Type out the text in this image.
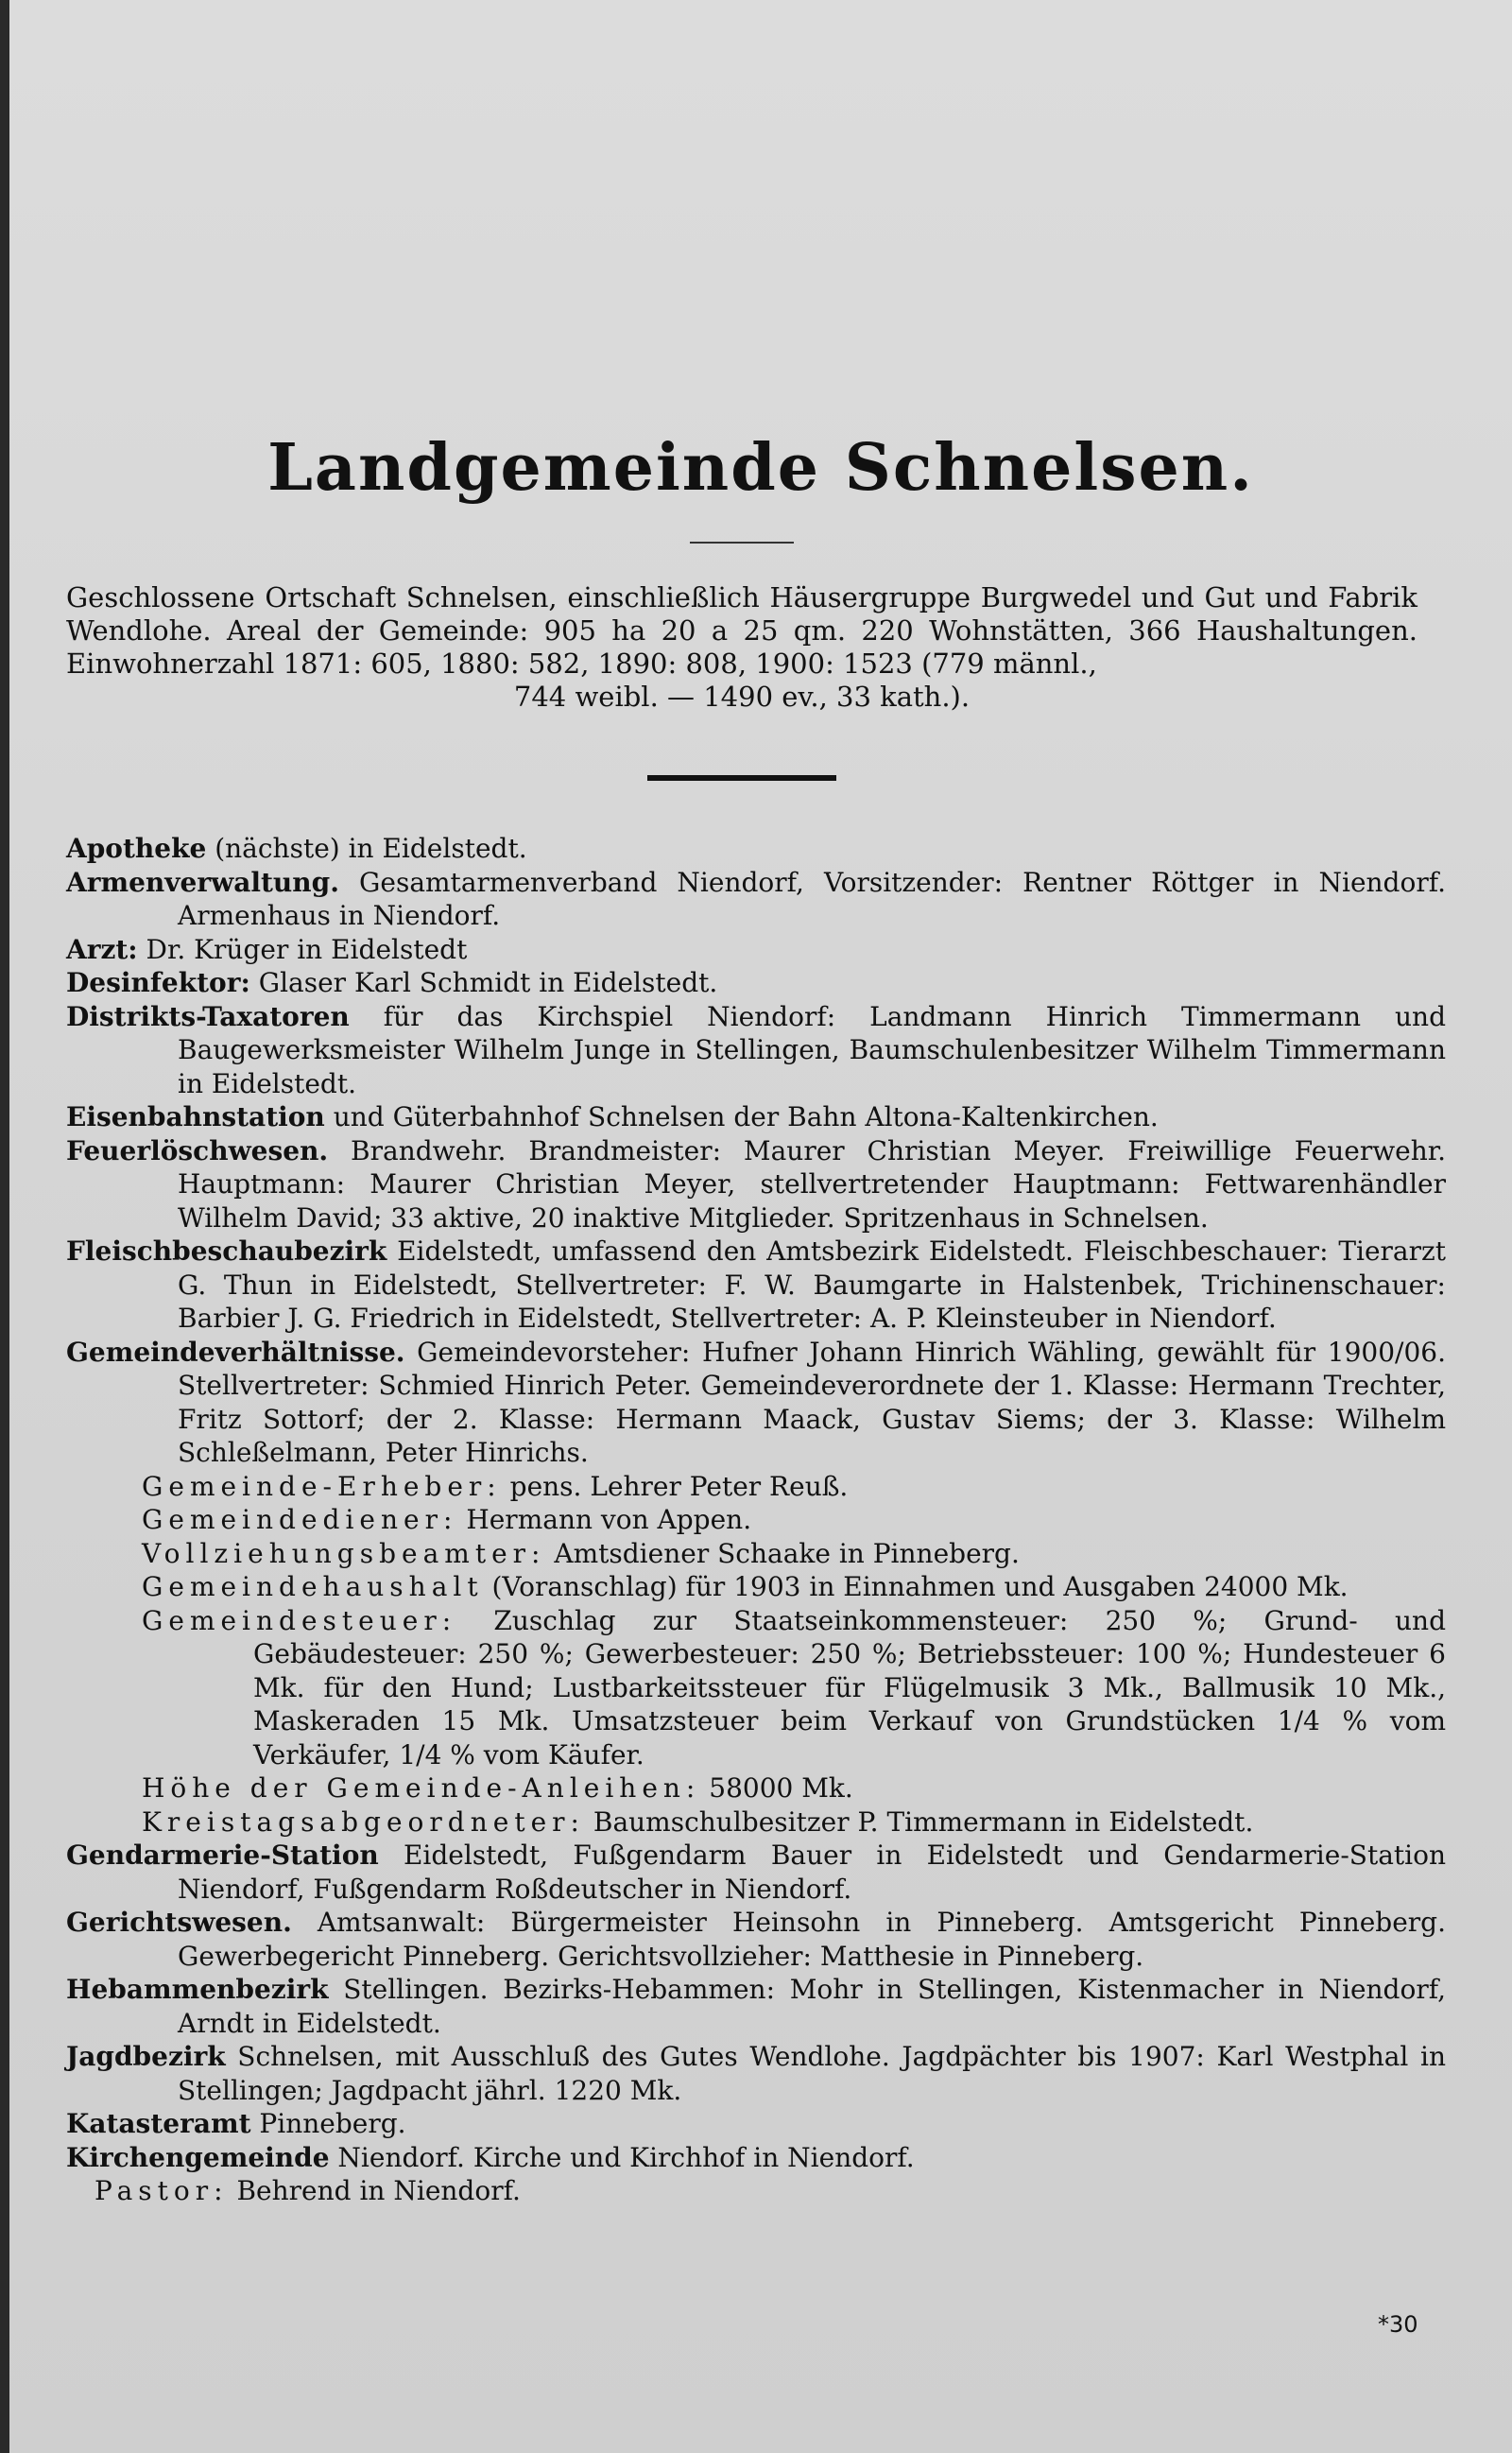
Landgemeinde Schnelsen.
Geschlossene Ortschaft Schnelsen, einschließlich Häusergruppe Burgwedel und Gut und Fabrik Wendlohe. Areal der Gemeinde: 905 ha 20 a 25 qm. 220 Wohnstätten, 366 Haushaltungen. Einwohnerzahl 1871: 605, 1880: 582, 1890: 808, 1900: 1523 (779 männl.,
744 weibl. — 1490 ev., 33 kath.).
Apotheke (nächste) in Eidelstedt.
Armenverwaltung. Gesamtarmenverband Niendorf, Vorsitzender: Rentner Röttger in Niendorf. Armenhaus in Niendorf.
Arzt: Dr. Krüger in Eidelstedt
Desinfektor: Glaser Karl Schmidt in Eidelstedt.
Distrikts-Taxatoren für das Kirchspiel Niendorf: Landmann Hinrich Timmermann und Baugewerksmeister Wilhelm Junge in Stellingen, Baumschulenbesitzer Wilhelm Timmermann in Eidelstedt.
Eisenbahnstation und Güterbahnhof Schnelsen der Bahn Altona-Kaltenkirchen.
Feuerlöschwesen. Brandwehr. Brandmeister: Maurer Christian Meyer. Freiwillige Feuerwehr. Hauptmann: Maurer Christian Meyer, stellvertretender Hauptmann: Fettwarenhändler Wilhelm David; 33 aktive, 20 inaktive Mitglieder. Spritzenhaus in Schnelsen.
Fleischbeschaubezirk Eidelstedt, umfassend den Amtsbezirk Eidelstedt. Fleischbeschauer: Tierarzt G. Thun in Eidelstedt, Stellvertreter: F. W. Baumgarte in Halstenbek, Trichinenschauer: Barbier J. G. Friedrich in Eidelstedt, Stellvertreter: A. P. Kleinsteuber in Niendorf.
Gemeindeverhältnisse. Gemeindevorsteher: Hufner Johann Hinrich Wähling, gewählt für 1900/06. Stellvertreter: Schmied Hinrich Peter. Gemeindeverordnete der 1. Klasse: Hermann Trechter, Fritz Sottorf; der 2. Klasse: Hermann Maack, Gustav Siems; der 3. Klasse: Wilhelm Schleßelmann, Peter Hinrichs.
Gemeinde-Erheber: pens. Lehrer Peter Reuß.
Gemeindediener: Hermann von Appen.
Vollziehungsbeamter: Amtsdiener Schaake in Pinneberg.
Gemeindehaushalt (Voranschlag) für 1903 in Einnahmen und Ausgaben 24000 Mk.
Gemeindesteuer: Zuschlag zur Staatseinkommensteuer: 250 %; Grund- und Gebäudesteuer: 250 %; Gewerbesteuer: 250 %; Betriebssteuer: 100 %; Hundesteuer 6 Mk. für den Hund; Lustbarkeitssteuer für Flügelmusik 3 Mk., Ballmusik 10 Mk., Maskeraden 15 Mk. Umsatzsteuer beim Verkauf von Grundstücken 1/4 % vom Verkäufer, 1/4 % vom Käufer.
Höhe der Gemeinde-Anleihen: 58000 Mk.
Kreistagsabgeordneter: Baumschulbesitzer P. Timmermann in Eidelstedt.
Gendarmerie-Station Eidelstedt, Fußgendarm Bauer in Eidelstedt und Gendarmerie-Station Niendorf, Fußgendarm Roßdeutscher in Niendorf.
Gerichtswesen. Amtsanwalt: Bürgermeister Heinsohn in Pinneberg. Amtsgericht Pinneberg. Gewerbegericht Pinneberg. Gerichtsvollzieher: Matthesie in Pinneberg.
Hebammenbezirk Stellingen. Bezirks-Hebammen: Mohr in Stellingen, Kistenmacher in Niendorf, Arndt in Eidelstedt.
Jagdbezirk Schnelsen, mit Ausschluß des Gutes Wendlohe. Jagdpächter bis 1907: Karl Westphal in Stellingen; Jagdpacht jährl. 1220 Mk.
Katasteramt Pinneberg.
Kirchengemeinde Niendorf. Kirche und Kirchhof in Niendorf.
Pastor: Behrend in Niendorf.
*30
